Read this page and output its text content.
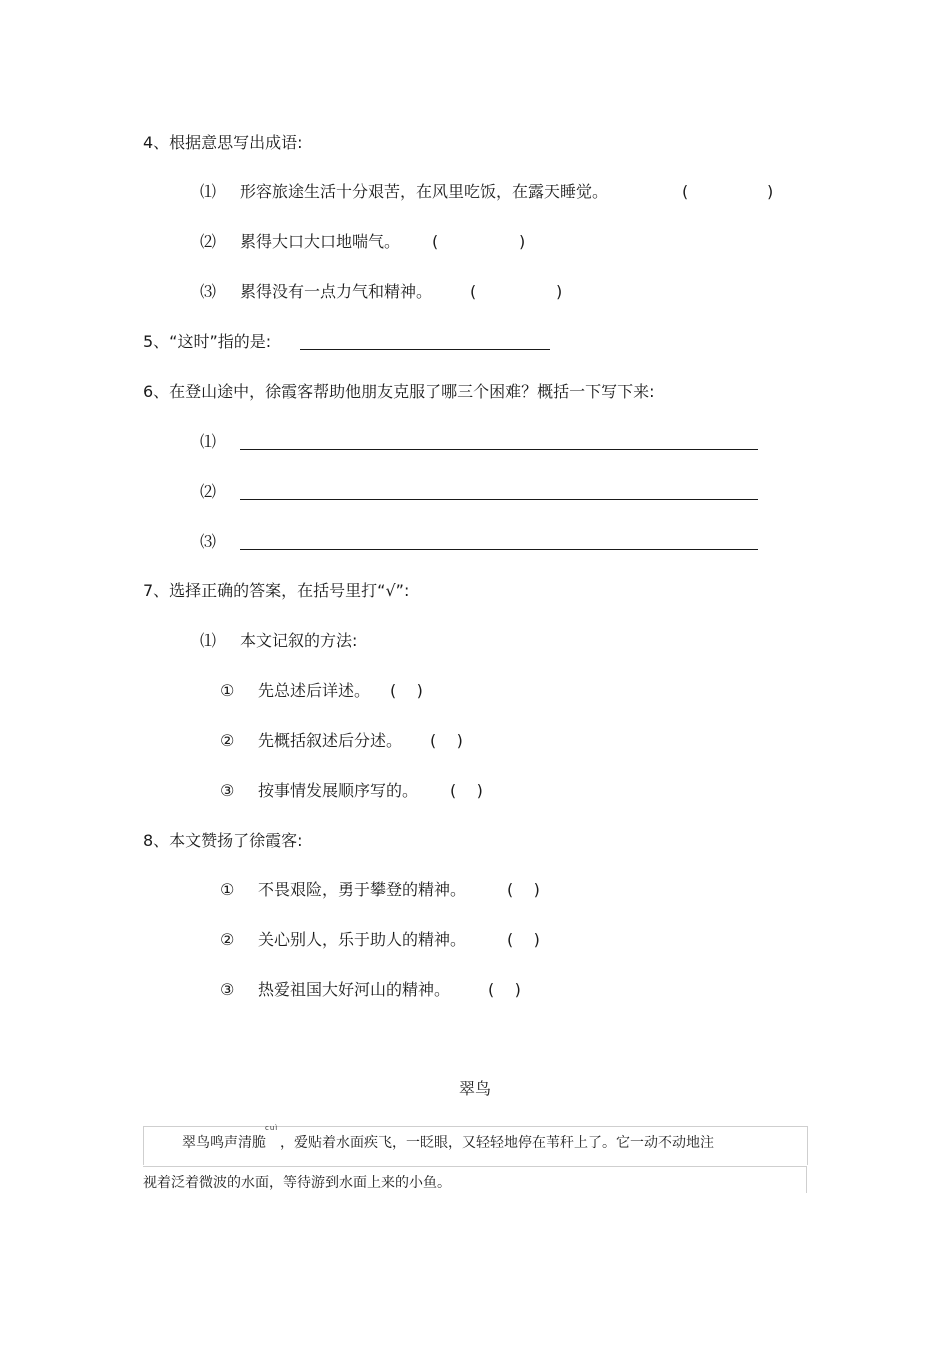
4、根据意思写出成语:
⑴ 形容旅途生活十分艰苦，在风里吃饭，在露天睡觉。	(	)
⑵ 累得大口大口地喘气。 (	)
⑶ 累得没有一点力气和精神。 (	)
5、“这时”指的是:
6、在登山途中，徐霞客帮助他朋友克服了哪三个困难？概括一下写下来:
⑴
⑵
⑶
7、选择正确的答案，在括号里打“√”:
⑴ 本文记叙的方法:
① 先总述后详述。 (    )
② 先概括叙述后分述。 (    )
③ 按事情发展顺序写的。 (    )
8、本文赞扬了徐霞客:
① 不畏艰险，勇于攀登的精神。	(    )
② 关心别人，乐于助人的精神。	(    )
③ 热爱祖国大好河山的精神。 (    )
翠鸟
cuì
翠鸟鸣声清脆 ，爱贴着水面疾飞，一眨眼，又轻轻地停在苇秆上了。它一动不动地注
视着泛着微波的水面，等待游到水面上来的小鱼。
